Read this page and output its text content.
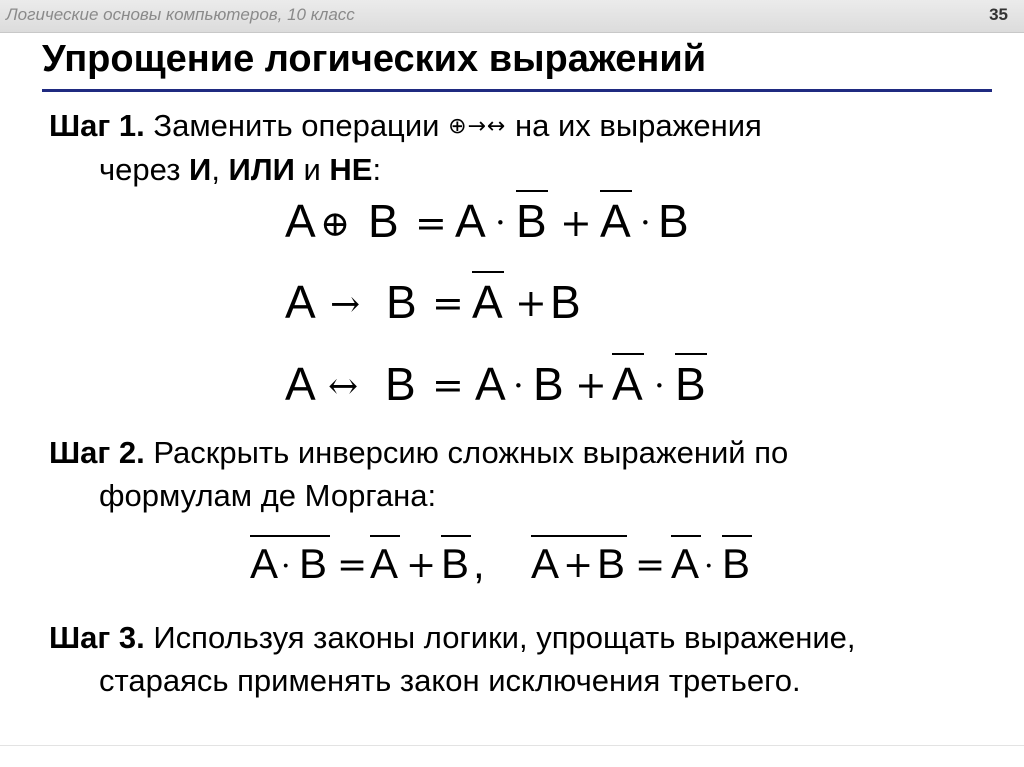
Логические основы компьютеров, 10 класс	35
Упрощение логических выражений
Шаг 1. Заменить операции ⊕→↔ на их выражения
через И, ИЛИ и НЕ:
Шаг 2. Раскрыть инверсию сложных выражений по
формулам де Моргана:
Шаг 3. Используя законы логики, упрощать выражение,
стараясь применять закон исключения третьего.
A ⊕ B = A · B + A · B
A → B = A + B
A ↔ B = A · B + A · B
A · B = A + B , A + B = A · B
